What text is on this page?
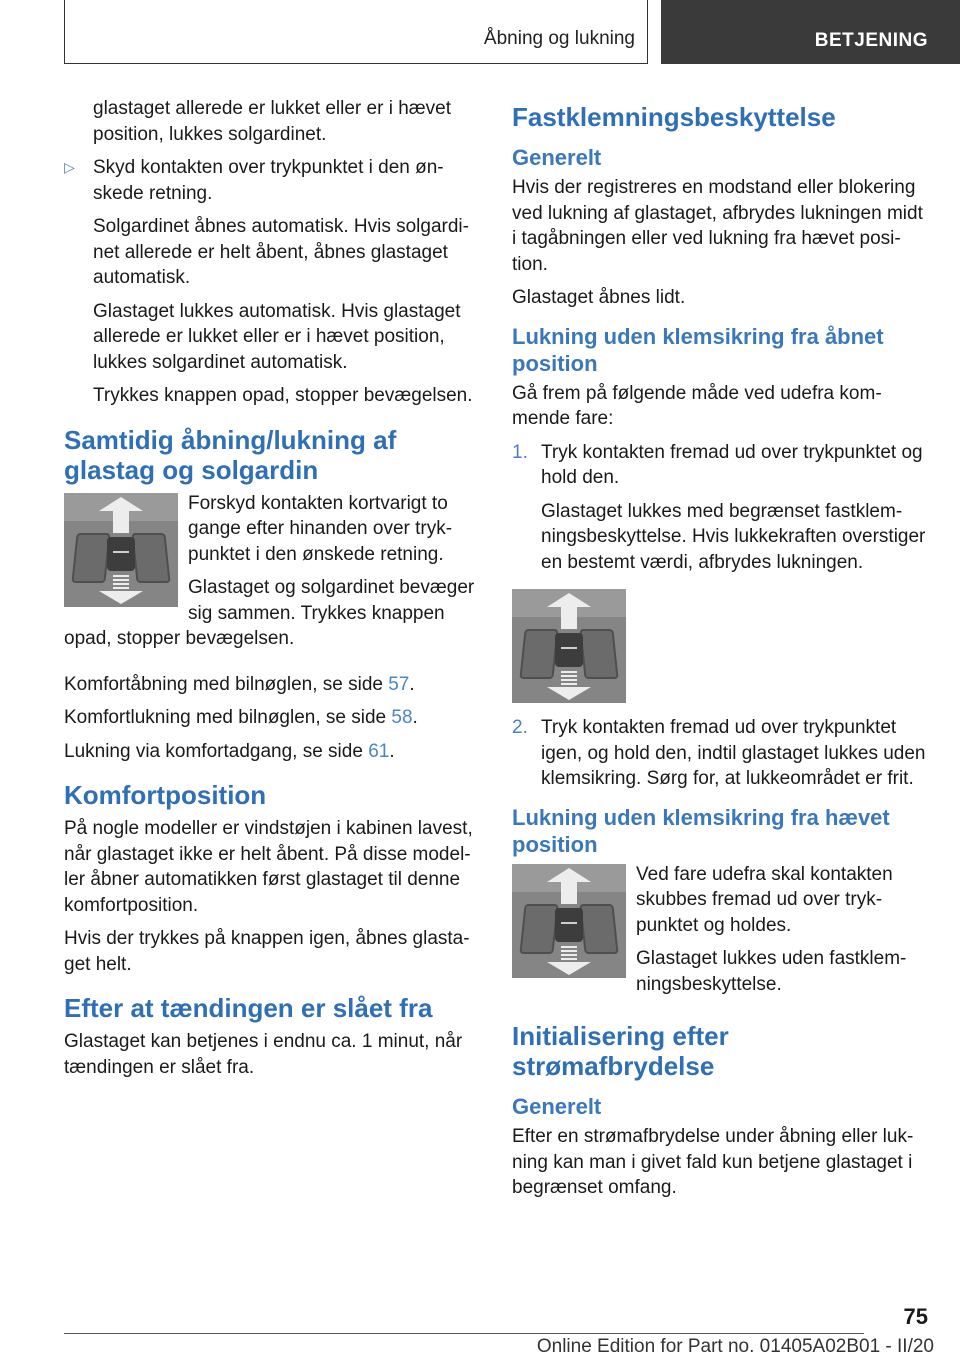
Åbning og lukning	BETJENING

glastaget allerede er lukket eller er i hævet position, lukkes solgardinet.

▷ Skyd kontakten over trykpunktet i den ønskede retning.

Solgardinet åbnes automatisk. Hvis solgardinet allerede er helt åbent, åbnes glastaget automatisk.

Glastaget lukkes automatisk. Hvis glastaget allerede er lukket eller er i hævet position, lukkes solgardinet automatisk.

Trykkes knappen opad, stopper bevægelsen.

Samtidig åbning/lukning af glastag og solgardin

Forskyd kontakten kortvarigt to gange efter hinanden over trykpunktet i den ønskede retning.

Glastaget og solgardinet bevæger sig sammen. Trykkes knappen opad, stopper bevægelsen.

Komfortåbning med bilnøglen, se side 57.

Komfortlukning med bilnøglen, se side 58.

Lukning via komfortadgang, se side 61.

Komfortposition

På nogle modeller er vindstøjen i kabinen lavest, når glastaget ikke er helt åbent. På disse modeller åbner automatikken først glastaget til denne komfortposition.

Hvis der trykkes på knappen igen, åbnes glastaget helt.

Efter at tændingen er slået fra

Glastaget kan betjenes i endnu ca. 1 minut, når tændingen er slået fra.

Fastklemningsbeskyttelse
Generelt

Hvis der registreres en modstand eller blokering ved lukning af glastaget, afbrydes lukningen midt i tagåbningen eller ved lukning fra hævet position.

Glastaget åbnes lidt.

Lukning uden klemsikring fra åbnet position

Gå frem på følgende måde ved udefra kommende fare:

1. Tryk kontakten fremad ud over trykpunktet og hold den.

Glastaget lukkes med begrænset fastklemningsbeskyttelse. Hvis lukkekraften overstiger en bestemt værdi, afbrydes lukningen.

2. Tryk kontakten fremad ud over trykpunktet igen, og hold den, indtil glastaget lukkes uden klemsikring. Sørg for, at lukkeområdet er frit.
Lukning uden klemsikring fra hævet position

Ved fare udefra skal kontakten skubbes fremad ud over trykpunktet og holdes.

Glastaget lukkes uden fastklemningsbeskyttelse.

Initialisering efter strømafbrydelse
Generelt

Efter en strømafbrydelse under åbning eller lukning kan man i givet fald kun betjene glastaget i begrænset omfang.

75
Online Edition for Part no. 01405A02B01 - II/20
